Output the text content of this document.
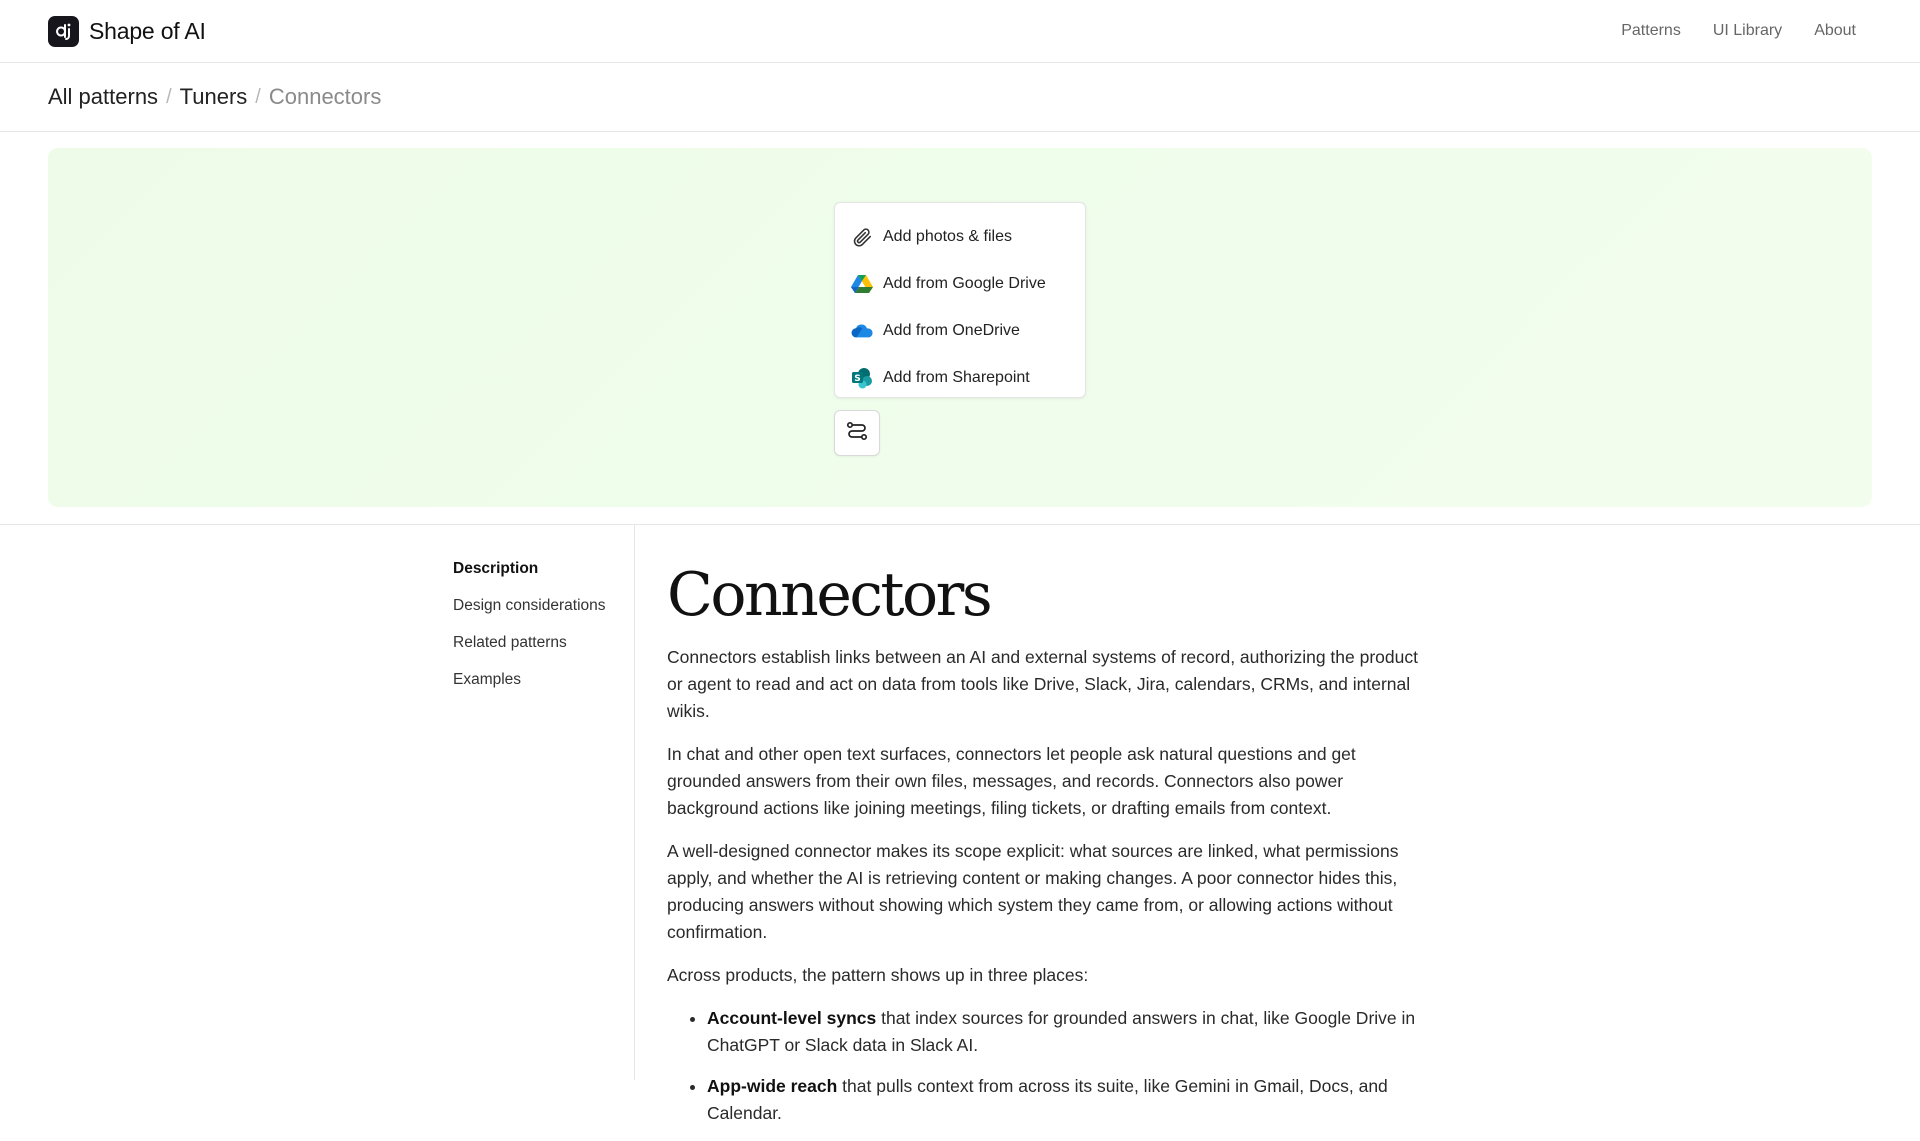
Shape of AI	Patterns UI Library About
All patterns / Tuners / Connectors
Add photos & files
Add from Google Drive
Add from OneDrive
S Add from Sharepoint
Description
Design considerations
Related patterns
Examples
Connectors

Connectors establish links between an AI and external systems of record, authorizing the product or agent to read and act on data from tools like Drive, Slack, Jira, calendars, CRMs, and internal wikis.

In chat and other open text surfaces, connectors let people ask natural questions and get grounded answers from their own files, messages, and records. Connectors also power background actions like joining meetings, filing tickets, or drafting emails from context.

A well-designed connector makes its scope explicit: what sources are linked, what permissions apply, and whether the AI is retrieving content or making changes. A poor connector hides this, producing answers without showing which system they came from, or allowing actions without confirmation.

Across products, the pattern shows up in three places:

• Account-level syncs that index sources for grounded answers in chat, like Google Drive in ChatGPT or Slack data in Slack AI.
• App-wide reach that pulls context from across its suite, like Gemini in Gmail, Docs, and Calendar.
